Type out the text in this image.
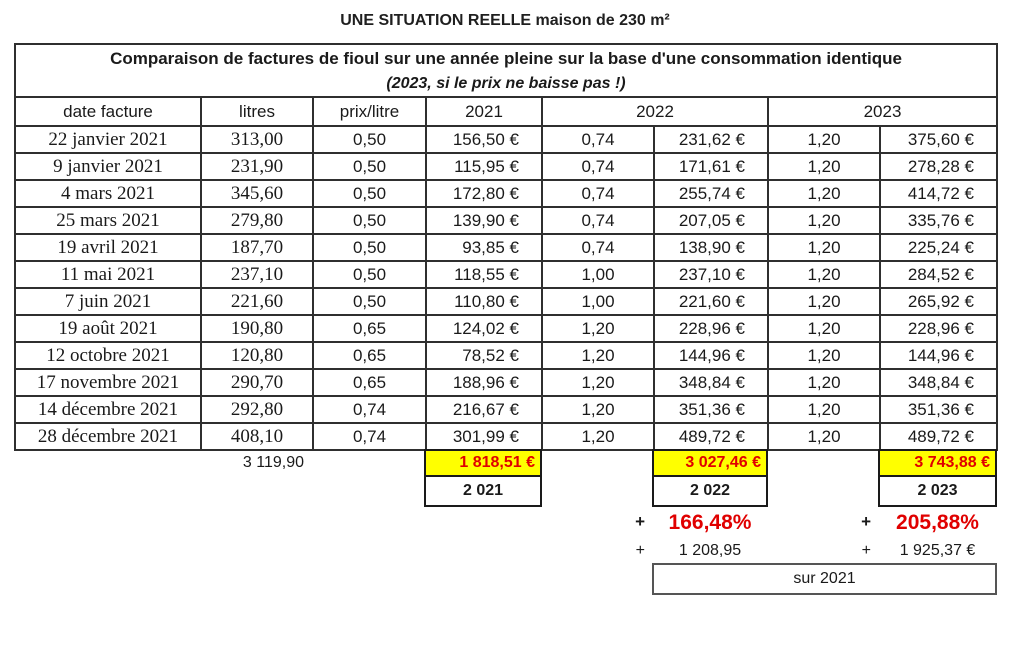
UNE SITUATION REELLE maison de 230 m²
Comparaison de factures de fioul sur une année pleine sur la base d'une consommation identique
(2023, si le prix ne baisse pas !)							

date facture	litres	prix/litre	2021	2022		2023	
22 janvier 2021	313,00	0,50	156,50 €	0,74	231,62 €	1,20	375,60 €
9 janvier 2021	231,90	0,50	115,95 €	0,74	171,61 €	1,20	278,28 €
4 mars 2021	345,60	0,50	172,80 €	0,74	255,74 €	1,20	414,72 €
25 mars 2021	279,80	0,50	139,90 €	0,74	207,05 €	1,20	335,76 €
19 avril 2021	187,70	0,50	93,85 €	0,74	138,90 €	1,20	225,24 €
11 mai 2021	237,10	0,50	118,55 €	1,00	237,10 €	1,20	284,52 €
7 juin 2021	221,60	0,50	110,80 €	1,00	221,60 €	1,20	265,92 €
19 août 2021	190,80	0,65	124,02 €	1,20	228,96 €	1,20	228,96 €
12 octobre 2021	120,80	0,65	78,52 €	1,20	144,96 €	1,20	144,96 €
17 novembre 2021	290,70	0,65	188,96 €	1,20	348,84 €	1,20	348,84 €
14 décembre 2021	292,80	0,74	216,67 €	1,20	351,36 €	1,20	351,36 €
28 décembre 2021	408,10	0,74	301,99 €	1,20	489,72 €	1,20	489,72 €
	3 119,90		1 818,51 €		3 027,46 €		3 743,88 €
			2 021		2 022		2 023
				+	166,48%	+	205,88%
				+	1 208,95	+	1 925,37 €
					sur 2021		
